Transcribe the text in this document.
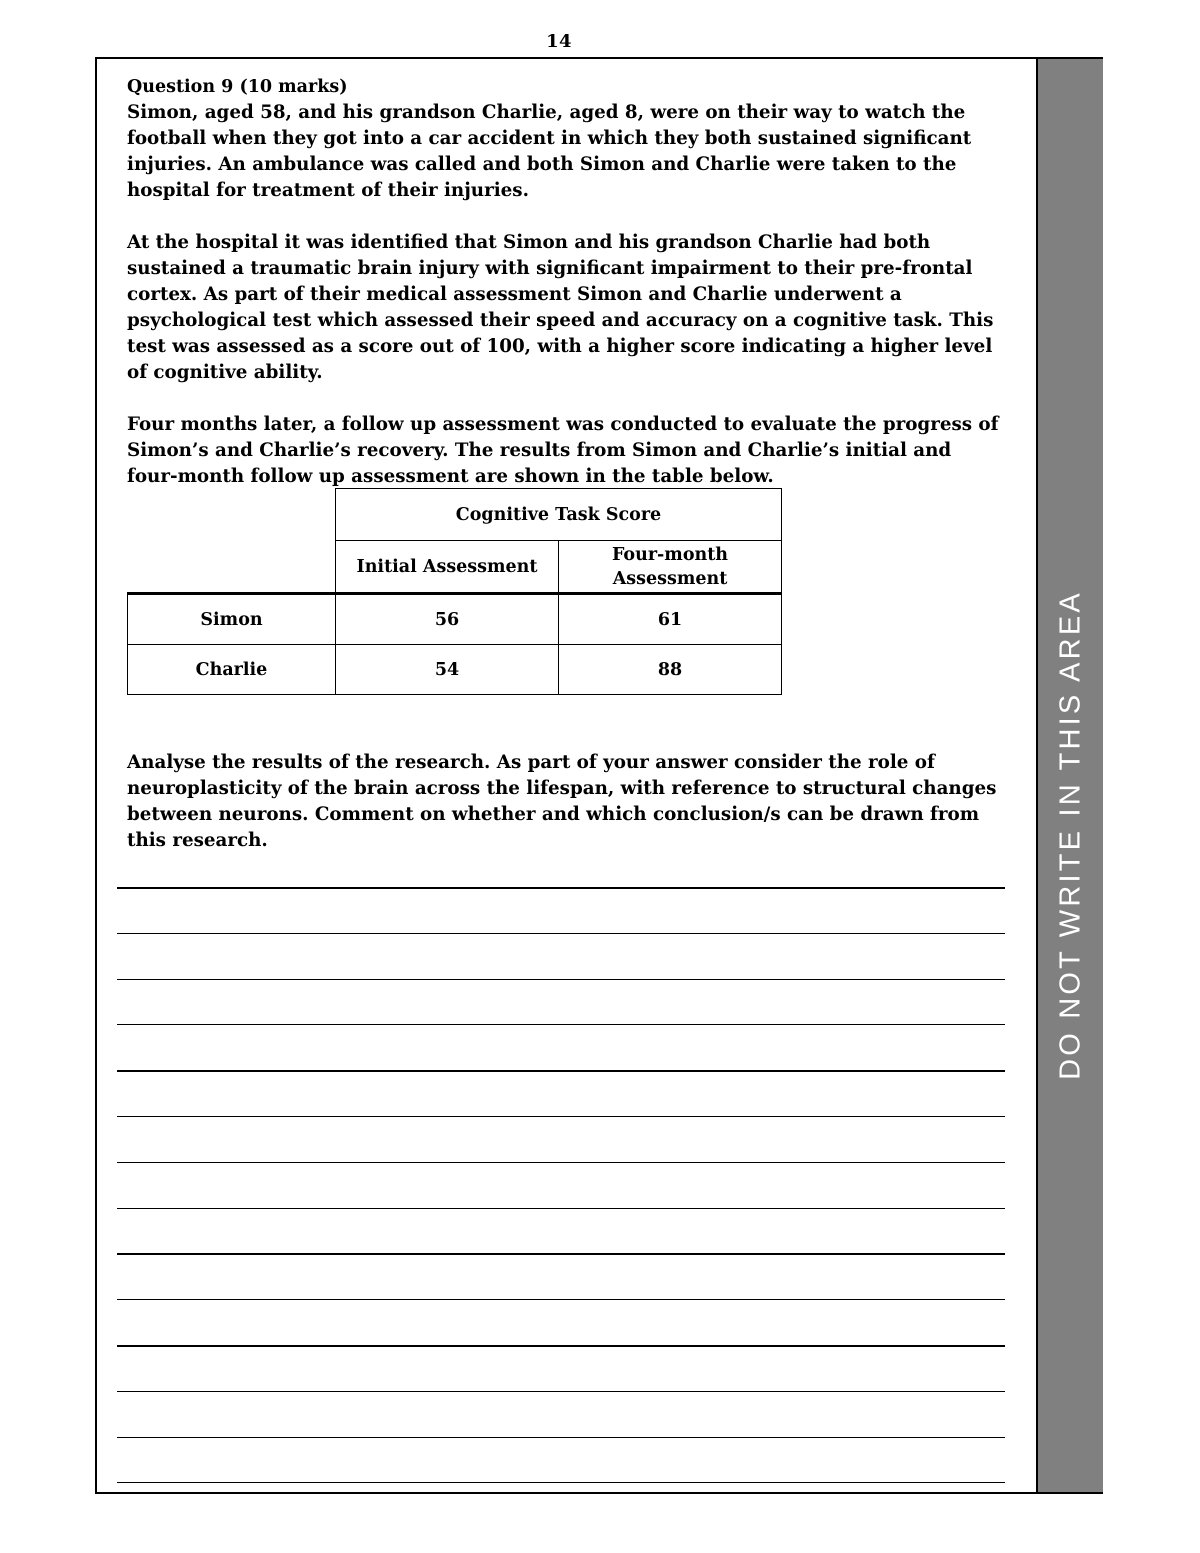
14
DO NOT WRITE IN THIS AREA

Question 9 (10 marks)

Simon, aged 58, and his grandson Charlie, aged 8, were on their way to watch the football when they got into a car accident in which they both sustained significant injuries. An ambulance was called and both Simon and Charlie were taken to the hospital for treatment of their injuries.

At the hospital it was identified that Simon and his grandson Charlie had both sustained a traumatic brain injury with significant impairment to their pre-frontal cortex. As part of their medical assessment Simon and Charlie underwent a psychological test which assessed their speed and accuracy on a cognitive task. This test was assessed as a score out of 100, with a higher score indicating a higher level of cognitive ability.

Four months later, a follow up assessment was conducted to evaluate the progress of Simon’s and Charlie’s recovery. The results from Simon and Charlie’s initial and four-month follow up assessment are shown in the table below.

	Cognitive Task Score	
	Initial Assessment	Four-month Assessment
Simon	56	61
Charlie	54	88
Analyse the results of the research. As part of your answer consider the role of neuroplasticity of the brain across the lifespan, with reference to structural changes between neurons. Comment on whether and which conclusion/s can be drawn from this research.
